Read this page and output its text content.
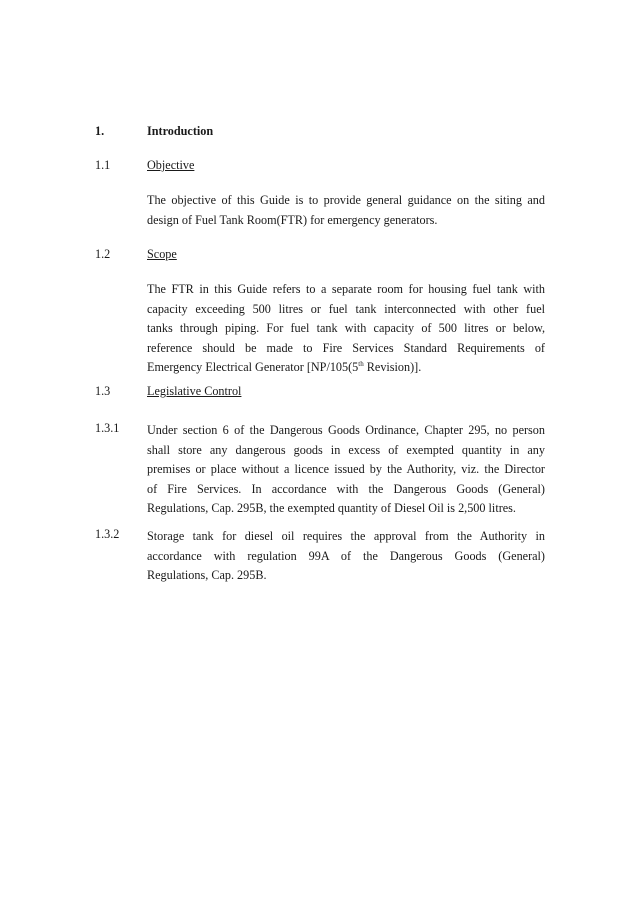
1.	Introduction
1.1	Objective
The objective of this Guide is to provide general guidance on the siting and
design of Fuel Tank Room(FTR) for emergency generators.
1.2	Scope
The FTR in this Guide refers to a separate room for housing fuel tank with
capacity exceeding 500 litres or fuel tank interconnected with other fuel
tanks through piping. For fuel tank with capacity of 500 litres or below,
reference should be made to Fire Services Standard Requirements of
Emergency Electrical Generator [NP/105(5th Revision)].
1.3	Legislative Control
1.3.1 Under section 6 of the Dangerous Goods Ordinance, Chapter 295, no person
shall store any dangerous goods in excess of exempted quantity in any
premises or place without a licence issued by the Authority, viz. the Director
of Fire Services. In accordance with the Dangerous Goods (General)
Regulations, Cap. 295B, the exempted quantity of Diesel Oil is 2,500 litres.
1.3.2 Storage tank for diesel oil requires the approval from the Authority in
accordance with regulation 99A of the Dangerous Goods (General)
Regulations, Cap. 295B.
